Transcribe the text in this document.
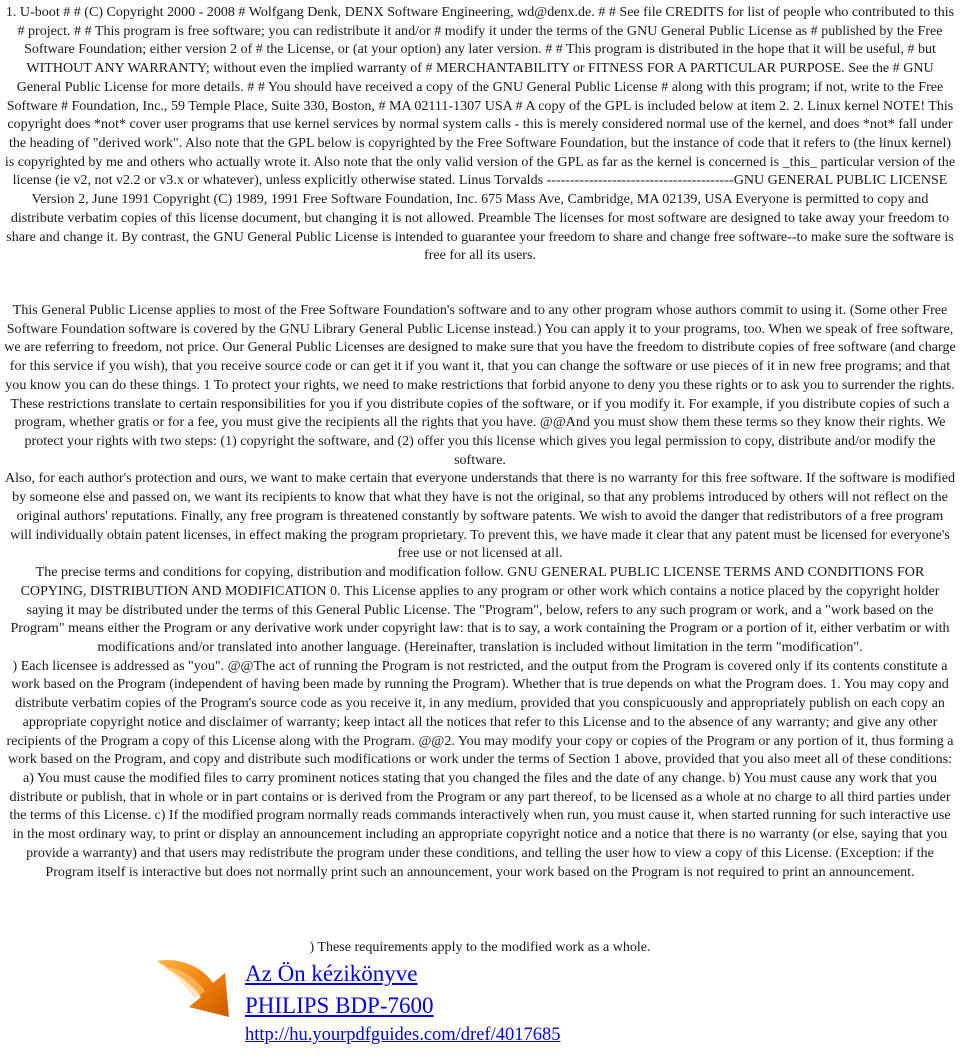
1. U-boot # # (C) Copyright 2000 - 2008 # Wolfgang Denk, DENX Software Engineering, wd@denx.de. # # See file CREDITS for list of people who contributed to this # project. # # This program is free software; you can redistribute it and/or # modify it under the terms of the GNU General Public License as # published by the Free Software Foundation; either version 2 of # the License, or (at your option) any later version. # # This program is distributed in the hope that it will be useful, # but WITHOUT ANY WARRANTY; without even the implied warranty of # MERCHANTABILITY or FITNESS FOR A PARTICULAR PURPOSE. See the # GNU General Public License for more details. # # You should have received a copy of the GNU General Public License # along with this program; if not, write to the Free Software # Foundation, Inc., 59 Temple Place, Suite 330, Boston, # MA 02111-1307 USA # A copy of the GPL is included below at item 2. 2. Linux kernel NOTE! This copyright does *not* cover user programs that use kernel services by normal system calls - this is merely considered normal use of the kernel, and does *not* fall under the heading of "derived work". Also note that the GPL below is copyrighted by the Free Software Foundation, but the instance of code that it refers to (the linux kernel) is copyrighted by me and others who actually wrote it. Also note that the only valid version of the GPL as far as the kernel is concerned is _this_ particular version of the license (ie v2, not v2.2 or v3.x or whatever), unless explicitly otherwise stated. Linus Torvalds ----------------------------------------GNU GENERAL PUBLIC LICENSE Version 2, June 1991 Copyright (C) 1989, 1991 Free Software Foundation, Inc. 675 Mass Ave, Cambridge, MA 02139, USA Everyone is permitted to copy and distribute verbatim copies of this license document, but changing it is not allowed. Preamble The licenses for most software are designed to take away your freedom to share and change it. By contrast, the GNU General Public License is intended to guarantee your freedom to share and change free software--to make sure the software is free for all its users.

This General Public License applies to most of the Free Software Foundation's software and to any other program whose authors commit to using it. (Some other Free Software Foundation software is covered by the GNU Library General Public License instead.) You can apply it to your programs, too. When we speak of free software, we are referring to freedom, not price. Our General Public Licenses are designed to make sure that you have the freedom to distribute copies of free software (and charge for this service if you wish), that you receive source code or can get it if you want it, that you can change the software or use pieces of it in new free programs; and that you know you can do these things. 1 To protect your rights, we need to make restrictions that forbid anyone to deny you these rights or to ask you to surrender the rights. These restrictions translate to certain responsibilities for you if you distribute copies of the software, or if you modify it. For example, if you distribute copies of such a program, whether gratis or for a fee, you must give the recipients all the rights that you have. @@And you must show them these terms so they know their rights. We protect your rights with two steps: (1) copyright the software, and (2) offer you this license which gives you legal permission to copy, distribute and/or modify the software.

Also, for each author's protection and ours, we want to make certain that everyone understands that there is no warranty for this free software. If the software is modified by someone else and passed on, we want its recipients to know that what they have is not the original, so that any problems introduced by others will not reflect on the original authors' reputations. Finally, any free program is threatened constantly by software patents. We wish to avoid the danger that redistributors of a free program will individually obtain patent licenses, in effect making the program proprietary. To prevent this, we have made it clear that any patent must be licensed for everyone's free use or not licensed at all.

The precise terms and conditions for copying, distribution and modification follow. GNU GENERAL PUBLIC LICENSE TERMS AND CONDITIONS FOR COPYING, DISTRIBUTION AND MODIFICATION 0. This License applies to any program or other work which contains a notice placed by the copyright holder saying it may be distributed under the terms of this General Public License. The "Program", below, refers to any such program or work, and a "work based on the Program" means either the Program or any derivative work under copyright law: that is to say, a work containing the Program or a portion of it, either verbatim or with modifications and/or translated into another language. (Hereinafter, translation is included without limitation in the term "modification".

) Each licensee is addressed as "you". @@The act of running the Program is not restricted, and the output from the Program is covered only if its contents constitute a work based on the Program (independent of having been made by running the Program). Whether that is true depends on what the Program does. 1. You may copy and distribute verbatim copies of the Program's source code as you receive it, in any medium, provided that you conspicuously and appropriately publish on each copy an appropriate copyright notice and disclaimer of warranty; keep intact all the notices that refer to this License and to the absence of any warranty; and give any other recipients of the Program a copy of this License along with the Program. @@2. You may modify your copy or copies of the Program or any portion of it, thus forming a work based on the Program, and copy and distribute such modifications or work under the terms of Section 1 above, provided that you also meet all of these conditions: a) You must cause the modified files to carry prominent notices stating that you changed the files and the date of any change. b) You must cause any work that you distribute or publish, that in whole or in part contains or is derived from the Program or any part thereof, to be licensed as a whole at no charge to all third parties under the terms of this License. c) If the modified program normally reads commands interactively when run, you must cause it, when started running for such interactive use in the most ordinary way, to print or display an announcement including an appropriate copyright notice and a notice that there is no warranty (or else, saying that you provide a warranty) and that users may redistribute the program under these conditions, and telling the user how to view a copy of this License. (Exception: if the Program itself is interactive but does not normally print such an announcement, your work based on the Program is not required to print an announcement.

) These requirements apply to the modified work as a whole.

Az Ön kézikönyve
PHILIPS BDP-7600
http://hu.yourpdfguides.com/dref/4017685
